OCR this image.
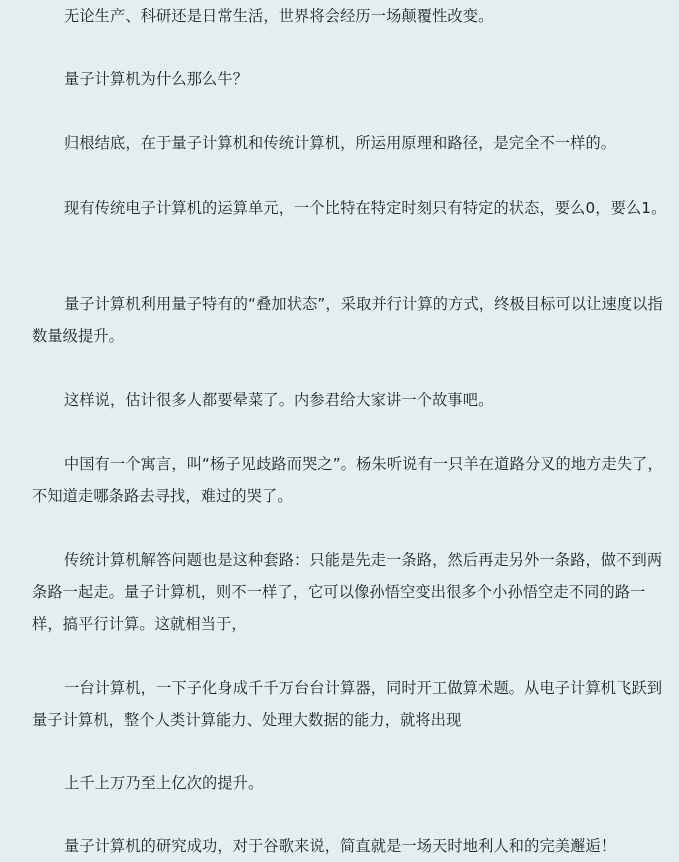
无论生产、科研还是日常生活，世界将会经历一场颠覆性改变。

量子计算机为什么那么牛？

归根结底，在于量子计算机和传统计算机，所运用原理和路径，是完全不一样的。

现有传统电子计算机的运算单元，一个比特在特定时刻只有特定的状态，要么0，要么1。

量子计算机利用量子特有的“叠加状态”，采取并行计算的方式，终极目标可以让速度以指数量级提升。

这样说，估计很多人都要晕菜了。内参君给大家讲一个故事吧。

中国有一个寓言，叫“杨子见歧路而哭之”。杨朱听说有一只羊在道路分叉的地方走失了，不知道走哪条路去寻找，难过的哭了。

传统计算机解答问题也是这种套路：只能是先走一条路，然后再走另外一条路，做不到两条路一起走。量子计算机，则不一样了，它可以像孙悟空变出很多个小孙悟空走不同的路一样，搞平行计算。这就相当于，

一台计算机，一下子化身成千千万台台计算器，同时开工做算术题。从电子计算机飞跃到量子计算机，整个人类计算能力、处理大数据的能力，就将出现

上千上万乃至上亿次的提升。

量子计算机的研究成功，对于谷歌来说，简直就是一场天时地利人和的完美邂逅！
